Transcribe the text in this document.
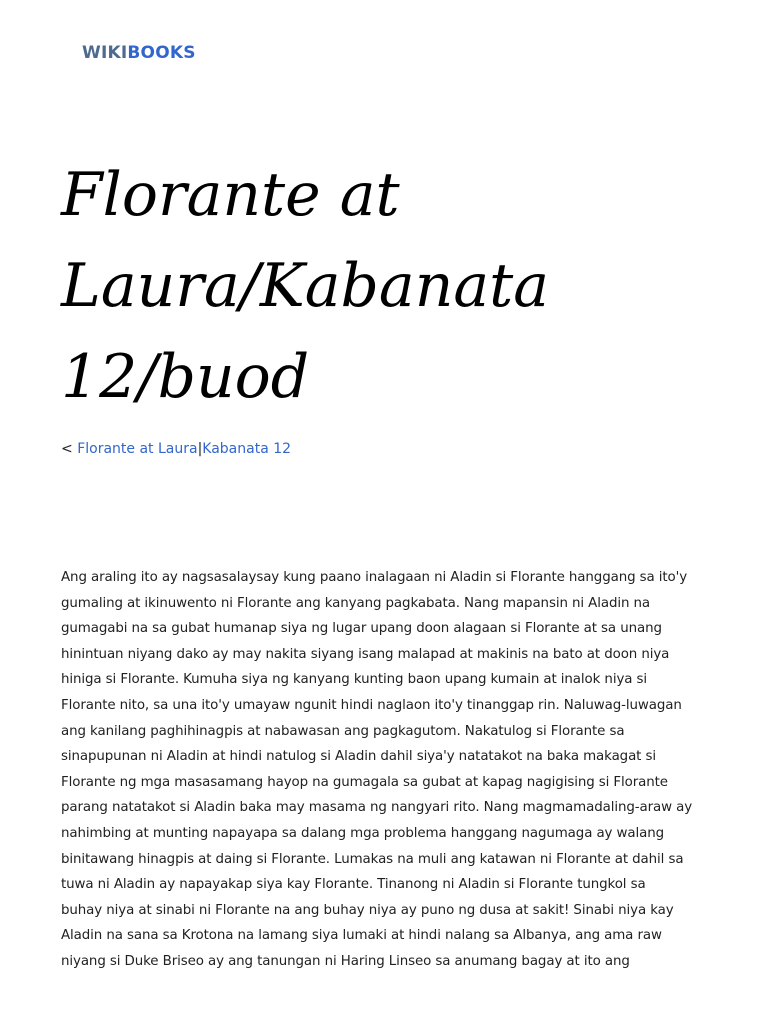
WIKIBOOKS
Florante at
Laura/Kabanata
12/buod
< Florante at Laura|Kabanata 12
Ang araling ito ay nagsasalaysay kung paano inalagaan ni Aladin si Florante hanggang sa ito'y
gumaling at ikinuwento ni Florante ang kanyang pagkabata. Nang mapansin ni Aladin na
gumagabi na sa gubat humanap siya ng lugar upang doon alagaan si Florante at sa unang
hinintuan niyang dako ay may nakita siyang isang malapad at makinis na bato at doon niya
hiniga si Florante. Kumuha siya ng kanyang kunting baon upang kumain at inalok niya si
Florante nito, sa una ito'y umayaw ngunit hindi naglaon ito'y tinanggap rin. Naluwag-luwagan
ang kanilang paghihinagpis at nabawasan ang pagkagutom. Nakatulog si Florante sa
sinapupunan ni Aladin at hindi natulog si Aladin dahil siya'y natatakot na baka makagat si
Florante ng mga masasamang hayop na gumagala sa gubat at kapag nagigising si Florante
parang natatakot si Aladin baka may masama ng nangyari rito. Nang magmamadaling-araw ay
nahimbing at munting napayapa sa dalang mga problema hanggang nagumaga ay walang
binitawang hinagpis at daing si Florante. Lumakas na muli ang katawan ni Florante at dahil sa
tuwa ni Aladin ay napayakap siya kay Florante. Tinanong ni Aladin si Florante tungkol sa
buhay niya at sinabi ni Florante na ang buhay niya ay puno ng dusa at sakit! Sinabi niya kay
Aladin na sana sa Krotona na lamang siya lumaki at hindi nalang sa Albanya, ang ama raw
niyang si Duke Briseo ay ang tanungan ni Haring Linseo sa anumang bagay at ito ang
